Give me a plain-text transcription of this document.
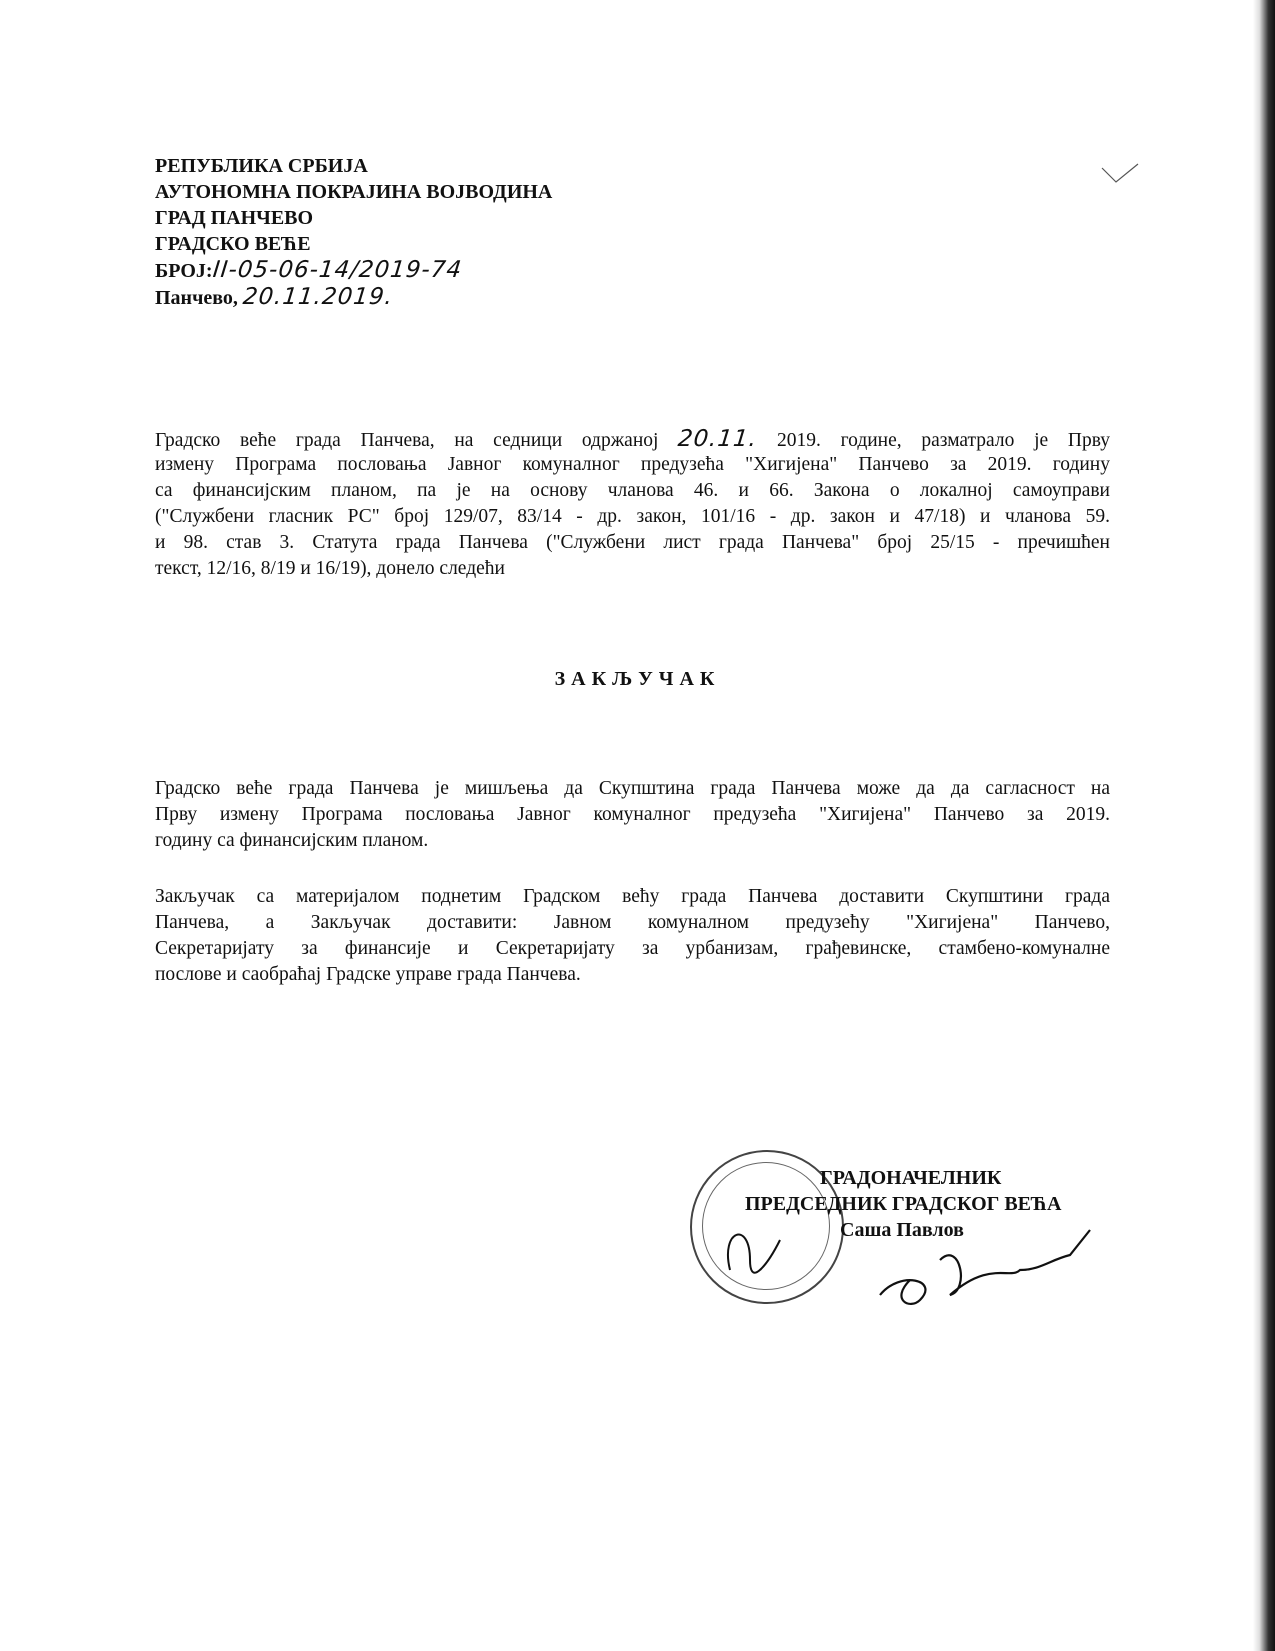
РЕПУБЛИКА СРБИЈА
АУТОНОМНА ПОКРАЈИНА ВОЈВОДИНА
ГРАД ПАНЧЕВО
ГРАДСКО ВЕЋЕ
БРОЈ:II-05-06-14/2019-74
Панчево, 20.11.2019.
Градско веће града Панчева, на седници одржаној 20.11. 2019. године, разматрало је Прву
измену Програма пословања Јавног комуналног предузећа "Хигијена" Панчево за 2019. годину
са финансијским планом, па је на основу чланова 46. и 66. Закона о локалној самоуправи
("Службени гласник РС" број 129/07, 83/14 - др. закон, 101/16 - др. закон и 47/18) и чланова 59.
и 98. став 3. Статута града Панчева ("Службени лист града Панчева" број 25/15 - пречишћен
текст, 12/16, 8/19 и 16/19), донело следећи
ЗАКЉУЧАК
Градско веће града Панчева је мишљења да Скупштина града Панчева може да да сагласност на
Прву измену Програма пословања Јавног комуналног предузећа "Хигијена" Панчево за 2019.
годину са финансијским планом.
Закључак са материјалом поднетим Градском већу града Панчева доставити Скупштини града
Панчева, а Закључак доставити: Јавном комуналном предузећу "Хигијена" Панчево,
Секретаријату за финансије и Секретаријату за урбанизам, грађевинске, стамбено-комуналне
послове и саобраћај Градске управе града Панчева.
ГРАДОНАЧЕЛНИК
ПРЕДСЕДНИК ГРАДСКОГ ВЕЋА
Саша Павлов
